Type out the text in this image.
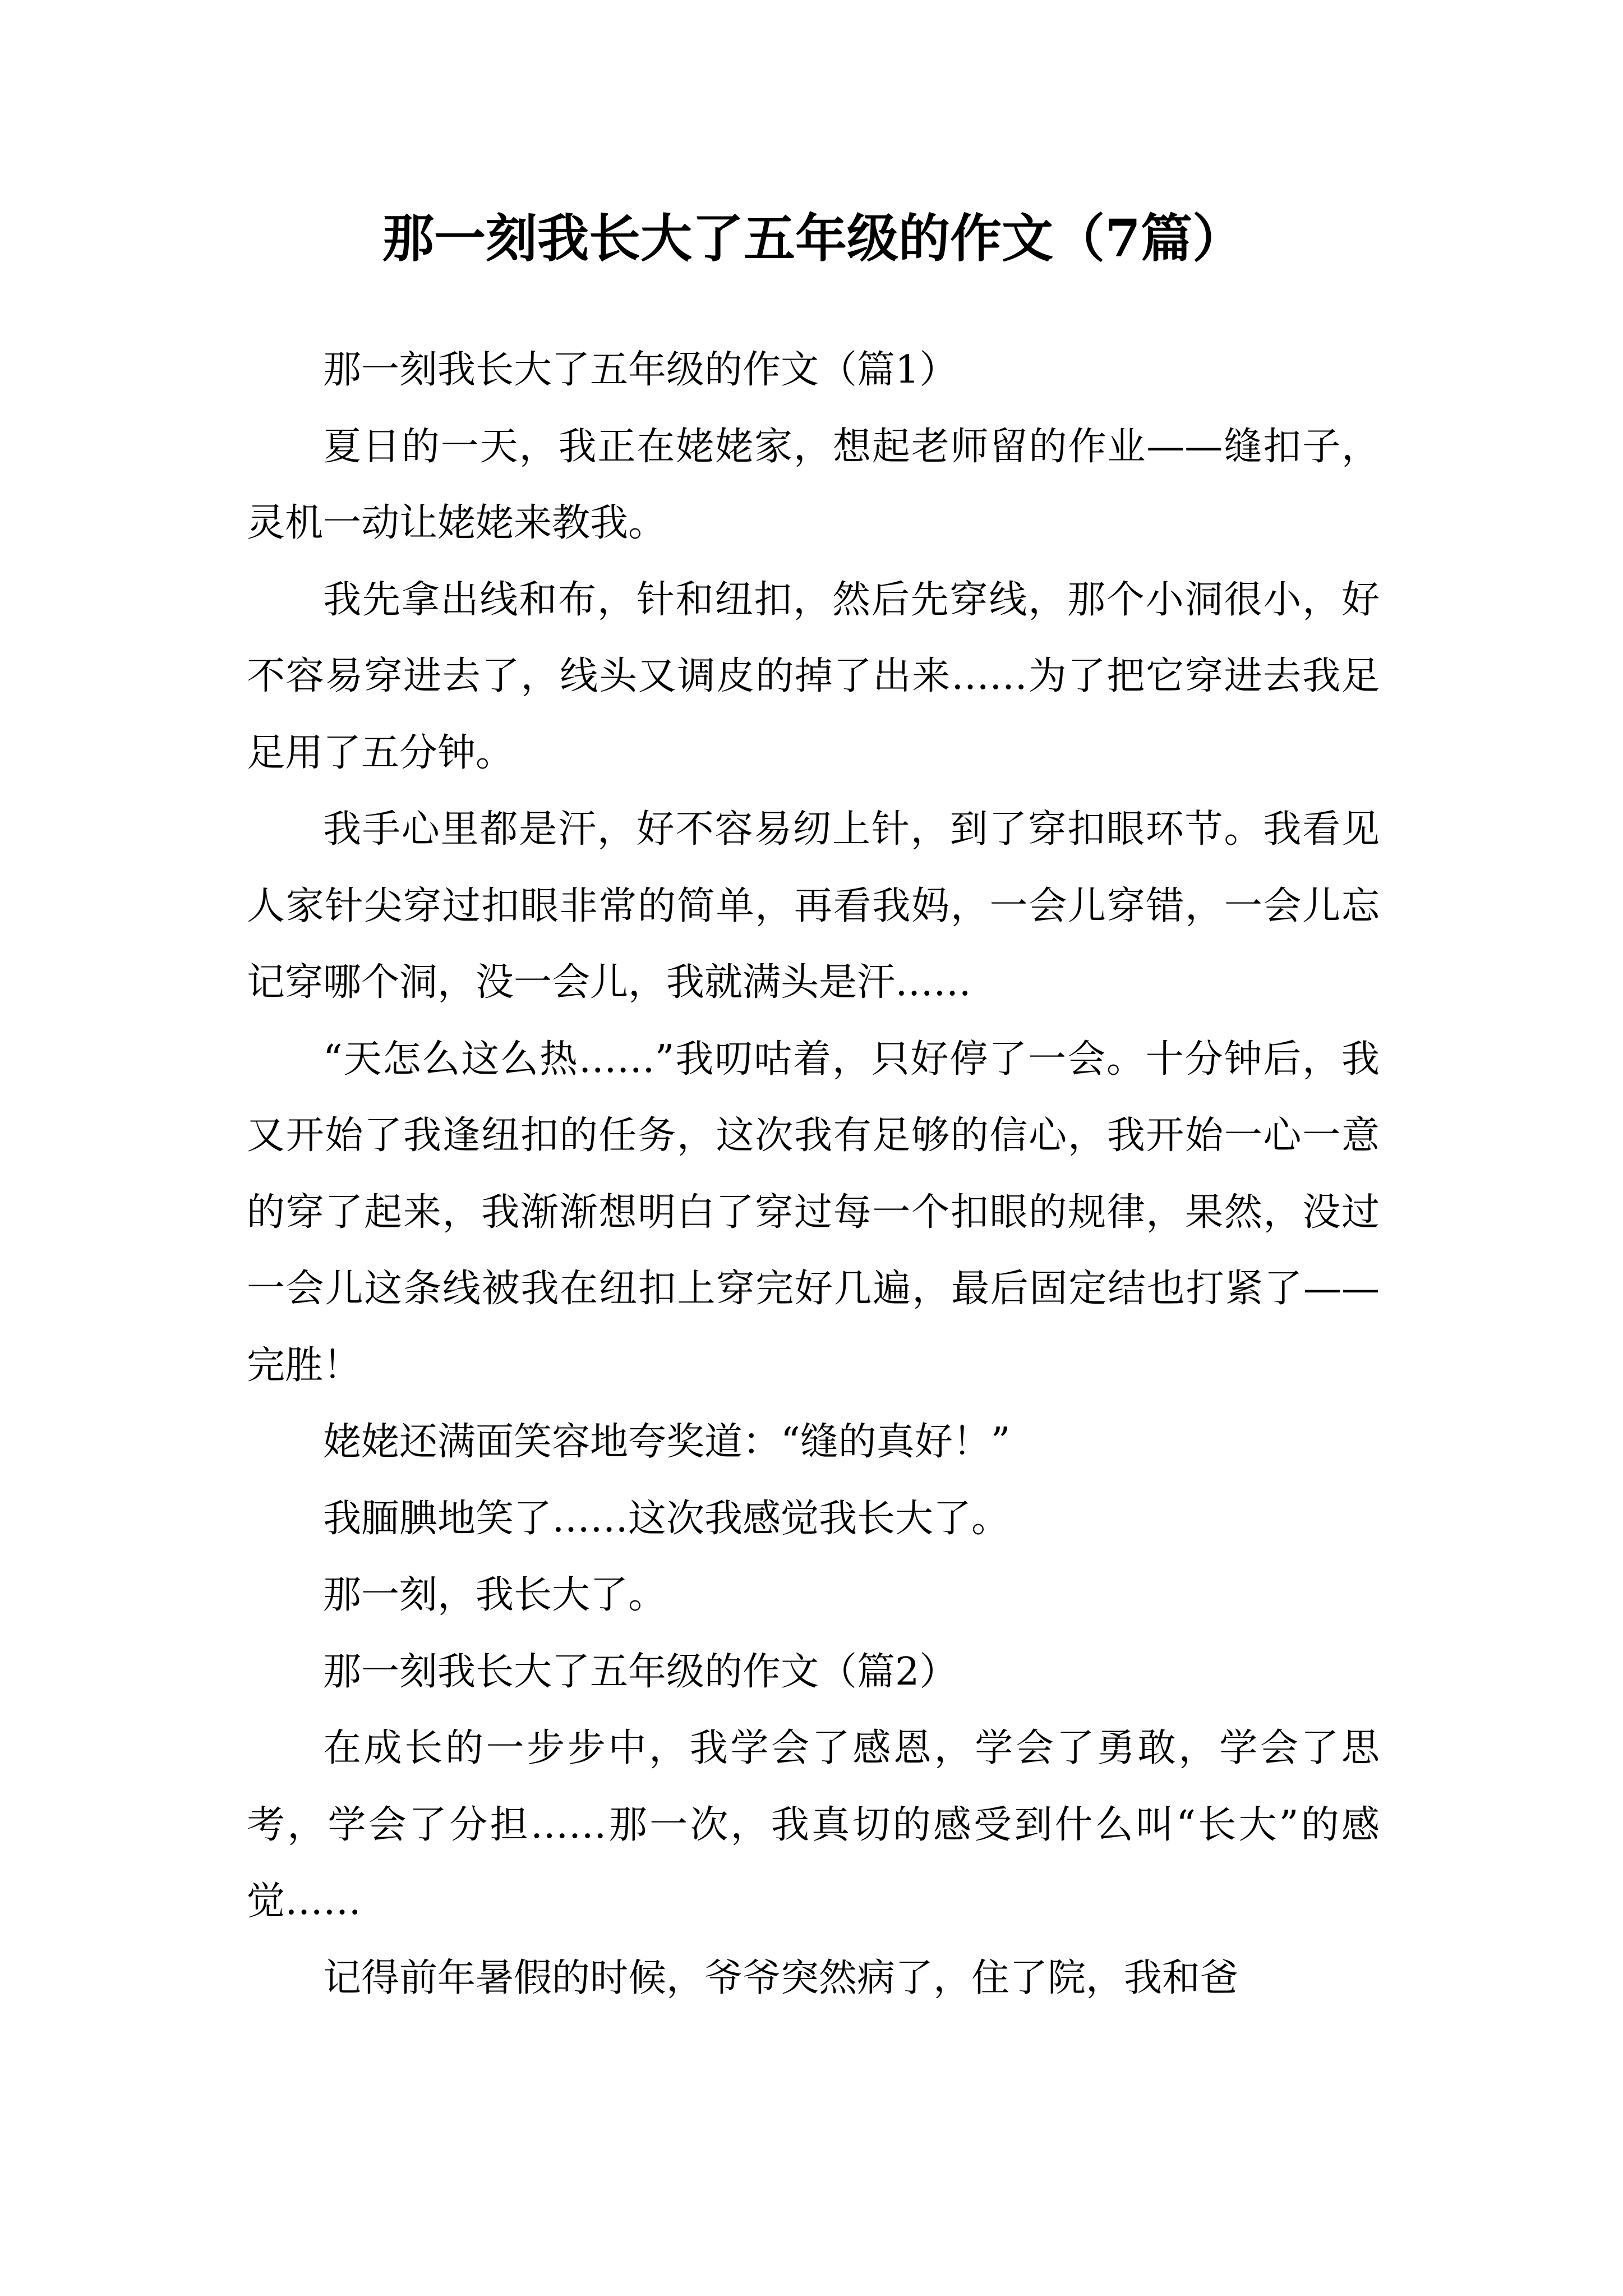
那一刻我长大了五年级的作文（7篇）

那一刻我长大了五年级的作文（篇1）

夏日的一天，我正在姥姥家，想起老师留的作业——缝扣子，灵机一动让姥姥来教我。

我先拿出线和布，针和纽扣，然后先穿线，那个小洞很小，好不容易穿进去了，线头又调皮的掉了出来……为了把它穿进去我足足用了五分钟。

我手心里都是汗，好不容易纫上针，到了穿扣眼环节。我看见人家针尖穿过扣眼非常的简单，再看我妈，一会儿穿错，一会儿忘记穿哪个洞，没一会儿，我就满头是汗……

“天怎么这么热……”我叨咕着，只好停了一会。十分钟后，我又开始了我逢纽扣的任务，这次我有足够的信心，我开始一心一意的穿了起来，我渐渐想明白了穿过每一个扣眼的规律，果然，没过一会儿这条线被我在纽扣上穿完好几遍，最后固定结也打紧了——完胜！

姥姥还满面笑容地夸奖道：“缝的真好！”

我腼腆地笑了……这次我感觉我长大了。

那一刻，我长大了。

那一刻我长大了五年级的作文（篇2）

在成长的一步步中，我学会了感恩，学会了勇敢，学会了思考，学会了分担……那一次，我真切的感受到什么叫“长大”的感觉……

记得前年暑假的时候，爷爷突然病了，住了院，我和爸
